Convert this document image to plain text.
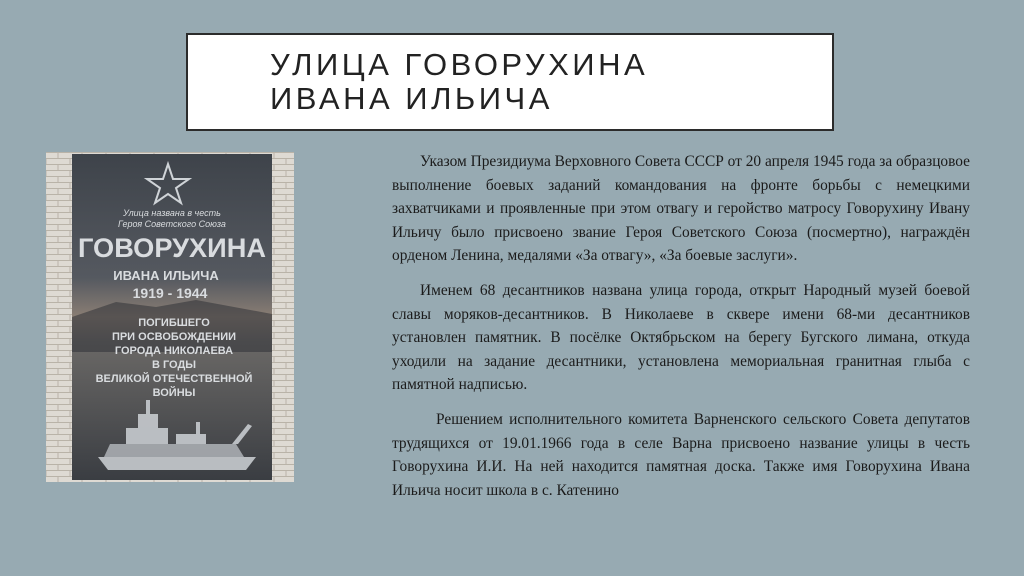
УЛИЦА ГОВОРУХИНА ИВАНА ИЛЬИЧА
Улица названа в честь
Героя Советского Союза
ГОВОРУХИНА
ИВАНА ИЛЬИЧА
1919 - 1944
ПОГИБШЕГО
ПРИ ОСВОБОЖДЕНИИ
ГОРОДА НИКОЛАЕВА
В ГОДЫ
ВЕЛИКОЙ ОТЕЧЕСТВЕННОЙ
ВОЙНЫ

Указом Президиума Верховного Совета СССР от 20 апреля 1945 года за образцовое выполнение боевых заданий командования на фронте борьбы с немецкими захватчиками и проявленные при этом отвагу и геройство матросу Говорухину Ивану Ильичу было присвоено звание Героя Советского Союза (посмертно), награждён орденом Ленина, медалями «За отвагу», «За боевые заслуги».

Именем 68 десантников названа улица города, открыт Народный музей боевой славы моряков-десантников. В Николаеве в сквере имени 68-ми десантников установлен памятник. В посёлке Октябрьском на берегу Бугского лимана, откуда уходили на задание десантники, установлена мемориальная гранитная глыба с памятной надписью.

Решением исполнительного комитета Варненского сельского Совета депутатов трудящихся от 19.01.1966 года в селе Варна присвоено название улицы в честь Говорухина И.И. На ней находится памятная доска. Также имя Говорухина Ивана Ильича носит школа в с. Катенино
